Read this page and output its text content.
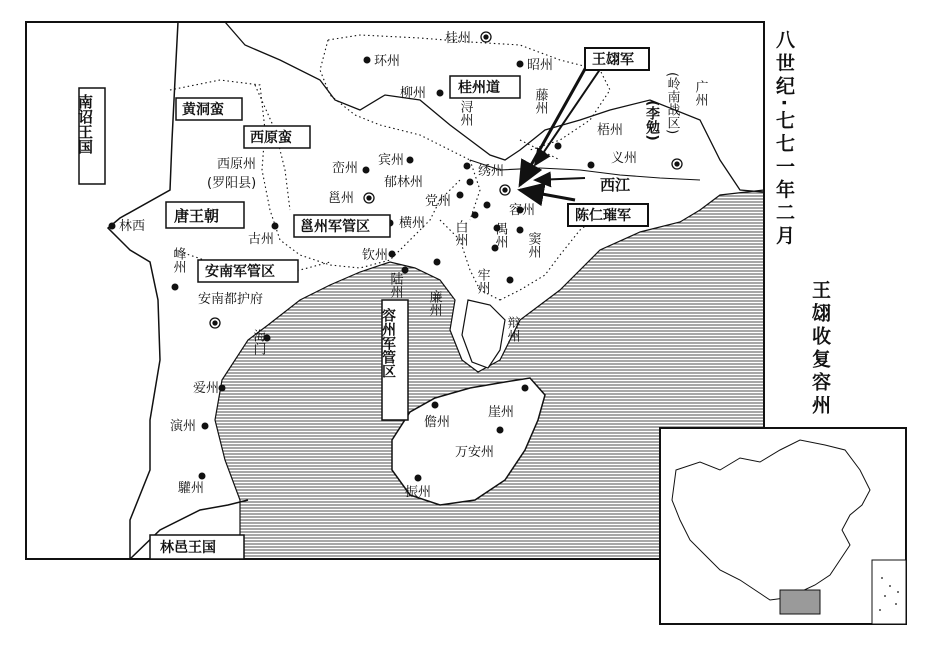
桂州
环州	昭州
柳州
西原州
(罗阳县)
宾州
峦州
郁林州
绣州
邕州	党州
容州
梧州
义州
横州
古州
林西
钦州
安南都护府
浔州	藤州	广州
白州 禺州 窦州
峰州
陆州
廉州
牢州
辩州
海门
爱州
演州
驩州
儋州
崖州
万安州
振州
桂州道
黄洞蛮
西原蛮
邕州军管区
安南军管区
容州军管区
(岭南战区)
(李勉)
南诏王国
唐王朝
林邑王国
王翃军
陈仁璀军
西江	八世纪·七七一年二月
王翃收复容州
